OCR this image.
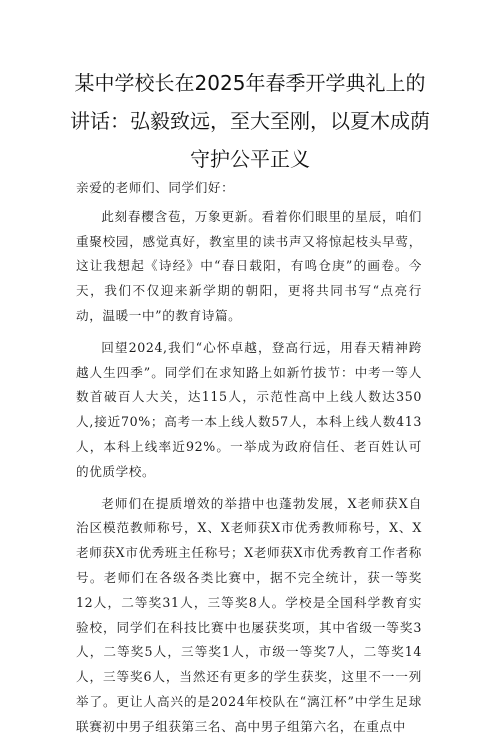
某中学校长在2025年春季开学典礼上的讲话：弘毅致远，至大至刚，以夏木成荫守护公平正义

亲爱的老师们、同学们好：

此刻春樱含苞，万象更新。看着你们眼里的星辰，咱们重聚校园，感觉真好，教室里的读书声又将惊起枝头早莺，这让我想起《诗经》中“春日载阳，有鸣仓庚”的画卷。今天，我们不仅迎来新学期的朝阳，更将共同书写“点亮行动，温暖一中”的教育诗篇。

回望2024,我们“心怀卓越，登高行远，用春天精神跨越人生四季”。同学们在求知路上如新竹拔节：中考一等人数首破百人大关，达115人，示范性高中上线人数达350人,接近70%；高考一本上线人数57人，本科上线人数413人，本科上线率近92%。一举成为政府信任、老百姓认可的优质学校。

老师们在提质增效的举措中也蓬勃发展，X老师获X自治区模范教师称号，X、X老师获X市优秀教师称号，X、X老师获X市优秀班主任称号；X老师获X市优秀教育工作者称号。老师们在各级各类比赛中，据不完全统计，获一等奖12人，二等奖31人，三等奖8人。学校是全国科学教育实验校，同学们在科技比赛中也屡获奖项，其中省级一等奖3人，二等奖5人，三等奖1人，市级一等奖7人，二等奖14人，三等奖6人，当然还有更多的学生获奖，这里不一一列举了。更让人高兴的是2024年校队在“漓江杯”中学生足球联赛初中男子组获第三名、高中男子组第六名，在重点中
